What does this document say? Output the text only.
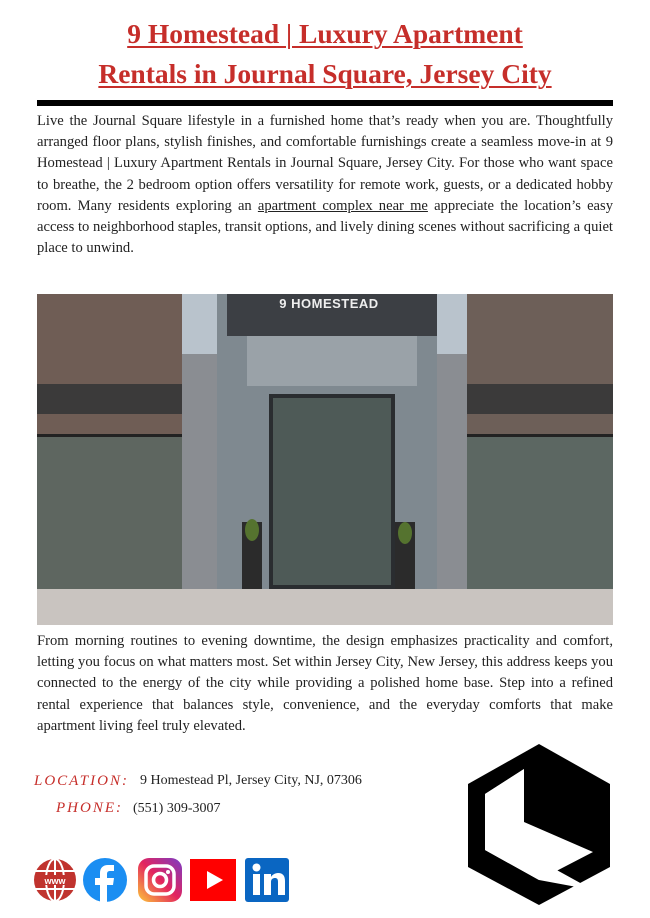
9 Homestead | Luxury Apartment
Rentals in Journal Square, Jersey City

Live the Journal Square lifestyle in a furnished home that’s ready when you are. Thoughtfully arranged floor plans, stylish finishes, and comfortable furnishings create a seamless move-in at 9 Homestead | Luxury Apartment Rentals in Journal Square, Jersey City. For those who want space to breathe, the 2 bedroom option offers versatility for remote work, guests, or a dedicated hobby room. Many residents exploring an apartment complex near me appreciate the location’s easy access to neighborhood staples, transit options, and lively dining scenes without sacrificing a quiet place to unwind.

9 HOMESTEAD

From morning routines to evening downtime, the design emphasizes practicality and comfort, letting you focus on what matters most. Set within Jersey City, New Jersey, this address keeps you connected to the energy of the city while providing a polished home base. Step into a refined rental experience that balances style, convenience, and the everyday comforts that make apartment living feel truly elevated.

LOCATION: 9 Homestead Pl, Jersey City, NJ, 07306
PHONE: (551) 309-3007
www
